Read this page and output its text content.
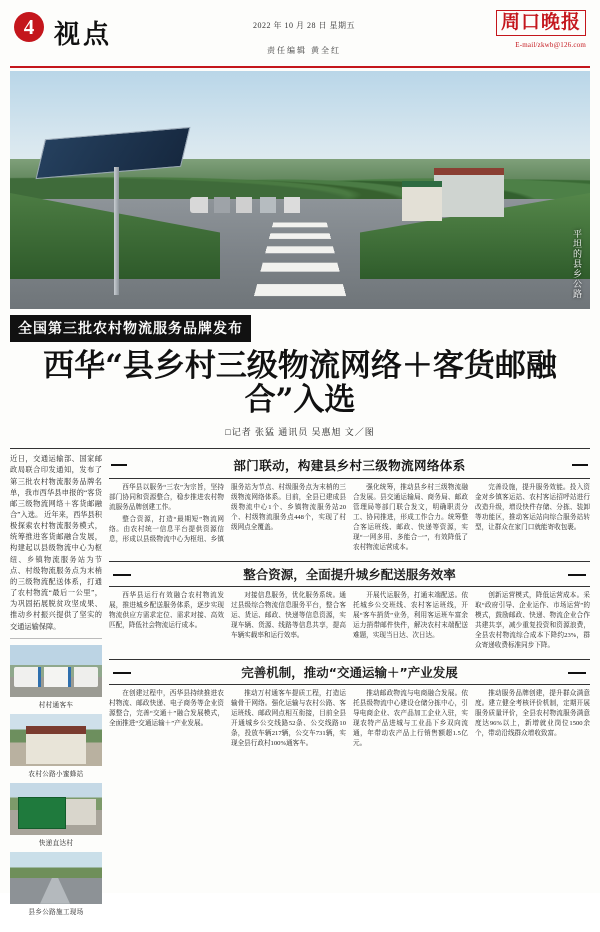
4 视点	2022 年 10 月 28 日 星期五
责任编辑 黄全红
周口晚报
E-mail/zkwb@126.com
平坦的县乡公路
全国第三批农村物流服务品牌发布
西华“县乡村三级物流网络＋客货邮融合”入选
□记者 张猛 通讯员 吴惠旭 文／图
近日，交通运输部、国家邮政局联合印发通知，发布了第三批农村物流服务品牌名单，我市西华县申报的“客货邮三级物流网络＋客货邮融合”入选。 近年来，西华县积极探索农村物流服务模式，统筹推进客货邮融合发展，构建起以县级物流中心为枢纽、乡镇物流服务站为节点、村级物流服务点为末梢的三级物流配送体系，打通了农村物流“最后一公里”，为巩固拓展脱贫攻坚成果、推动乡村振兴提供了坚实的交通运输保障。
村村通客车
农村公路小蜜蜂站
快递直达村
县乡公路施工现场
部门联动，构建县乡村三级物流网络体系

西华县以服务“三农”为宗旨，坚持部门协同和资源整合，稳步推进农村物流服务品牌创建工作。

整合资源，打造“最期短”物流网络。由农村统一信息平台提供资源信息，形成以县级物流中心为枢纽、乡镇服务站为节点、村级服务点为末梢的三级物流网络体系。目前，全县已建成县级物流中心1个、乡镇物流服务站20个、村级物流服务点448个，实现了村级网点全覆盖。

强化统筹，推动县乡村三级物流融合发展。县交通运输局、商务局、邮政管理局等部门联合发文，明确职责分工、协同推进，形成工作合力。统筹整合客运班线、邮政、快递等资源，实现“一网多用、多能合一”，有效降低了农村物流运营成本。

完善设施，提升服务效能。投入资金对乡镇客运站、农村客运招呼站进行改造升级，增设快件存储、分拣、装卸等功能区，推动客运站向综合服务站转型，让群众在家门口就能寄收包裹。

整合资源，全面提升城乡配送服务效率

西华县运行有效融合农村物流发展，推进城乡配送服务体系，逐步实现物流供应方需求定位、需求对接、高效匹配，降低社会物流运行成本。

对接信息服务，优化服务系统。通过县级综合物流信息服务平台，整合客运、货运、邮政、快递等信息资源，实现车辆、货源、线路等信息共享，提高车辆实载率和运行效率。

开展代运服务，打通末端配送。依托城乡公交班线、农村客运班线，开展“客车捎货”业务，利用客运班车富余运力捎带邮件快件，解决农村末端配送难题，实现当日达、次日达。

创新运营模式，降低运营成本。采取“政府引导、企业运作、市场运营”的模式，鼓励邮政、快递、物流企业合作共建共享，减少重复投资和资源浪费，全县农村物流综合成本下降约23%，群众寄递收费标准同步下降。

完善机制，推动“交通运输＋”产业发展

在创建过程中，西华县持续推进农村物流、邮政快递、电子商务等企业资源整合，完善“交通＋”融合发展模式，全面推进“交通运输＋”产业发展。

推动万村通客车提质工程，打造运输骨干网络。强化运输与农村公路、客运班线、邮政网点相互衔接，目前全县开通城乡公交线路52条、公交线路10条，投放车辆217辆，公交车731辆，实现全县行政村100%通客车。

推动邮政物流与电商融合发展。依托县级物流中心建设仓储分拣中心，引导电商企业、农产品加工企业入驻，实现农特产品进城与工业品下乡双向流通，年带动农产品上行销售额超1.5亿元。

推动服务品牌创建，提升群众满意度。建立健全考核评价机制，定期开展服务质量评价，全县农村物流服务满意度达96%以上，新增就业岗位1500余个，带动沿线群众增收致富。
